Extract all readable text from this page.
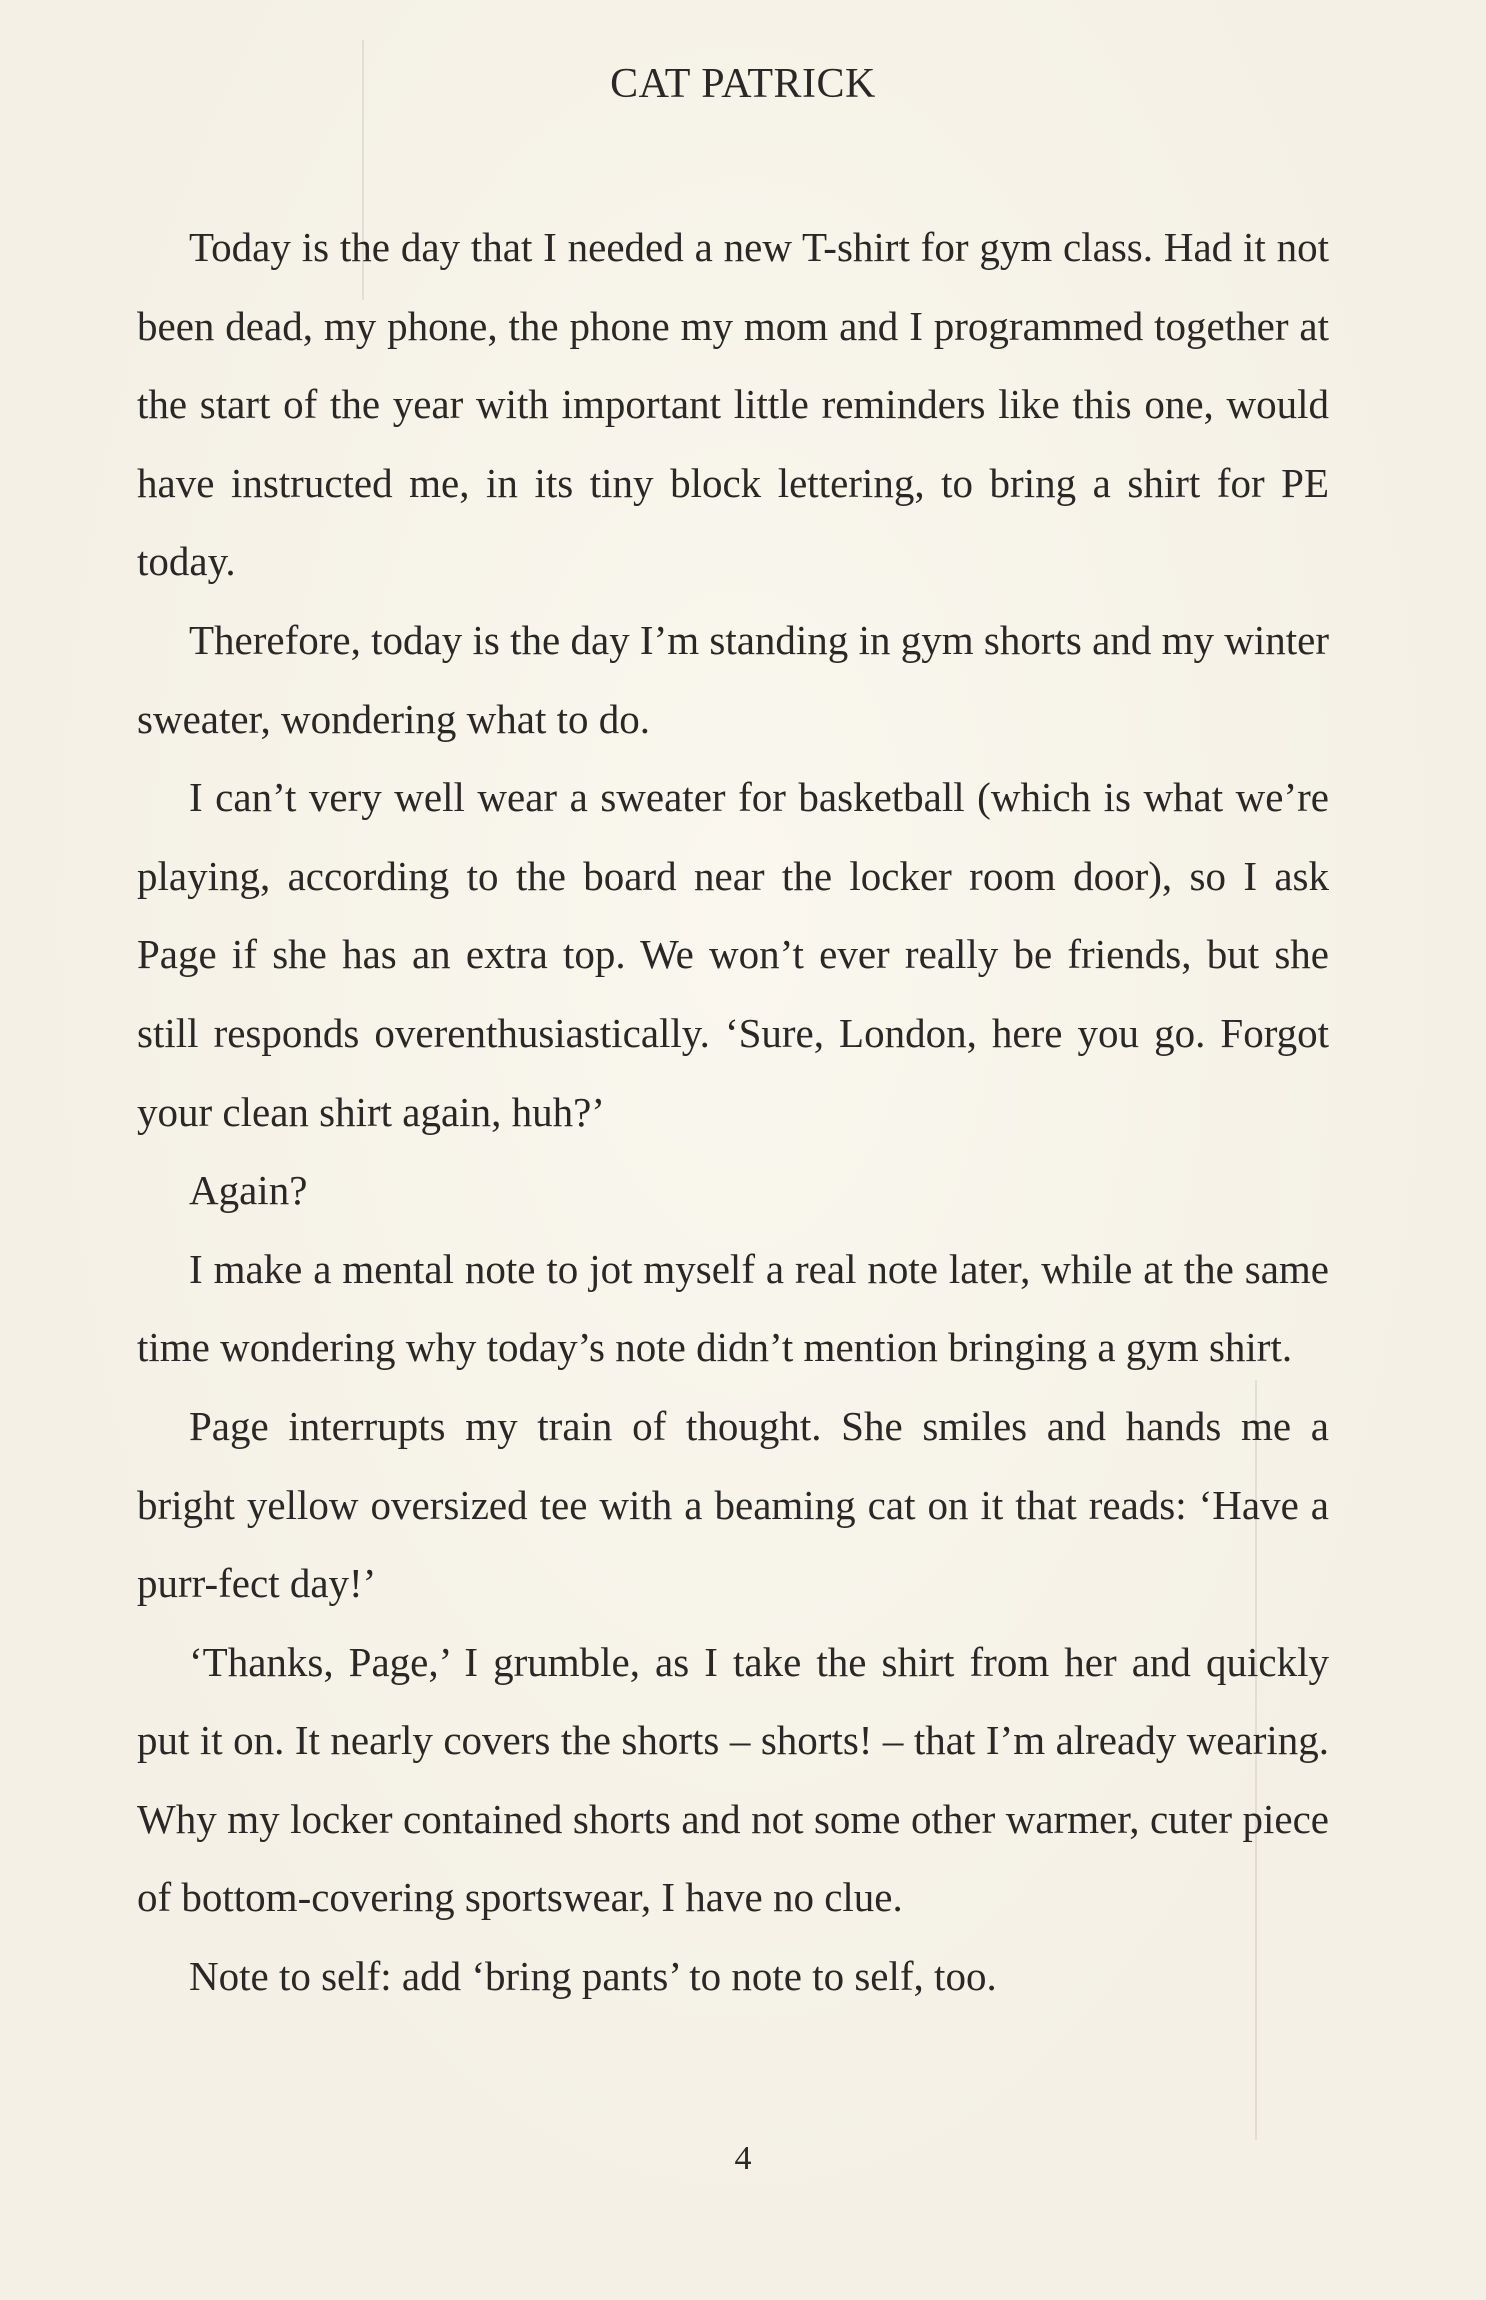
CAT PATRICK

Today is the day that I needed a new T-shirt for gym class. Had it not been dead, my phone, the phone my mom and I programmed together at the start of the year with important little reminders like this one, would have instructed me, in its tiny block lettering, to bring a shirt for PE today.

Therefore, today is the day I’m standing in gym shorts and my winter sweater, wondering what to do.

I can’t very well wear a sweater for basketball (which is what we’re playing, according to the board near the locker room door), so I ask Page if she has an extra top. We won’t ever really be friends, but she still responds overenthusiastically. ‘Sure, London, here you go. Forgot your clean shirt again, huh?’

Again?

I make a mental note to jot myself a real note later, while at the same time wondering why today’s note didn’t mention bringing a gym shirt.

Page interrupts my train of thought. She smiles and hands me a bright yellow oversized tee with a beaming cat on it that reads: ‘Have a purr-fect day!’

‘Thanks, Page,’ I grumble, as I take the shirt from her and quickly put it on. It nearly covers the shorts – shorts! – that I’m already wearing. Why my locker contained shorts and not some other warmer, cuter piece of bottom-covering sportswear, I have no clue.

Note to self: add ‘bring pants’ to note to self, too.

4
